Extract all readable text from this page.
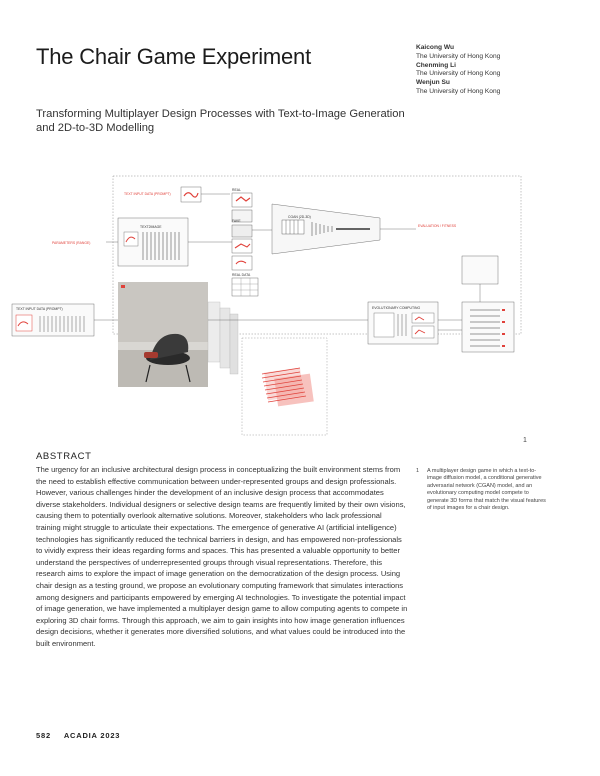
The Chair Game Experiment
Transforming Multiplayer Design Processes with Text-to-Image Generation and 2D-to-3D Modelling
Kaicong Wu
The University of Hong Kong
Chenming Li
The University of Hong Kong
Wenjun Su
The University of Hong Kong
TEXT INPUT DATA (PROMPT)
REAL
PARAMETERS (RANGE)
TEXT2IMAGE
FAKE
CGAN (2D-3D)
EVALUATION / FITNESS
REAL DATA
TEXT INPUT DATA (PROMPT)	EVOLUTIONARY COMPUTING
1
ABSTRACT
The urgency for an inclusive architectural design process in conceptualizing the built environment stems from the need to establish effective communication between under-represented groups and design professionals. However, various challenges hinder the development of an inclusive design process that accommodates diverse stakeholders. Individual designers or selective design teams are frequently limited by their own visions, causing them to potentially overlook alternative solutions. Moreover, stakeholders who lack professional training might struggle to articulate their expectations. The emergence of generative AI (artificial intelligence) technologies has significantly reduced the technical barriers in design, and has empowered non-professionals to vividly express their ideas regarding forms and spaces. This has presented a valuable opportunity to better understand the perspectives of underrepresented groups through visual representations. Therefore, this research aims to explore the impact of image generation on the democratization of the design process. Using chair design as a testing ground, we propose an evolutionary computing framework that simulates interactions among designers and participants empowered by emerging AI technologies. To investigate the potential impact of image generation, we have implemented a multiplayer design game to allow computing agents to compete in exploring 3D chair forms. Through this approach, we aim to gain insights into how image generation influences design decisions, whether it generates more diversified solutions, and what values could be introduced into the built environment.
1	A multiplayer design game in which a text-to-image diffusion model, a conditional generative adversarial network (CGAN) model, and an evolutionary computing model compete to generate 3D forms that match the visual features of input images for a chair design.
582 ACADIA 2023
